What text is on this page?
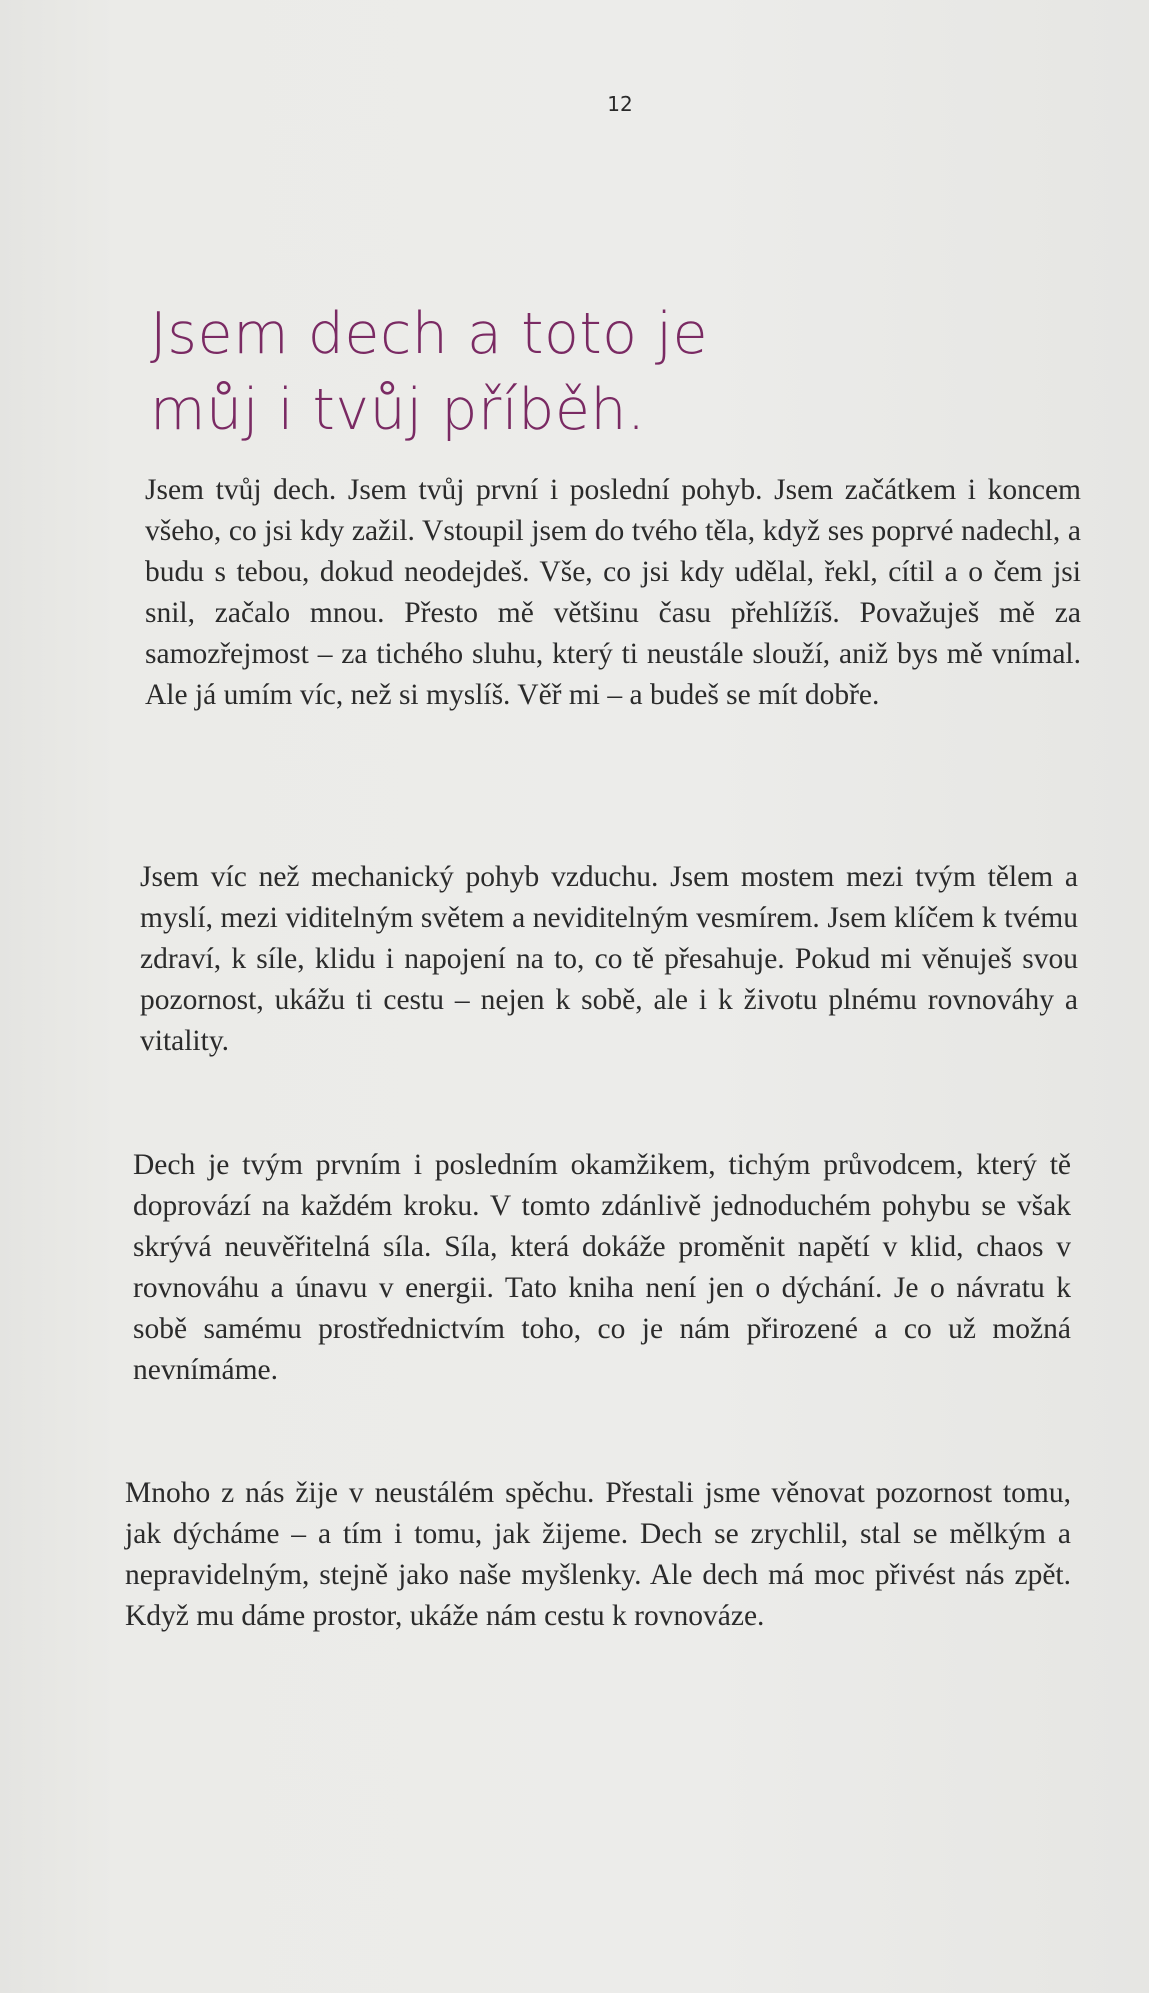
12
Jsem dech a toto je
můj i tvůj příběh.

Jsem tvůj dech. Jsem tvůj první i poslední pohyb. Jsem začátkem i koncem všeho, co jsi kdy zažil. Vstoupil jsem do tvého těla, když ses poprvé nadechl, a budu s tebou, dokud neodejdeš. Vše, co jsi kdy udělal, řekl, cítil a o čem jsi snil, začalo mnou. Přesto mě většinu času přehlížíš. Považuješ mě za samozřejmost – za tichého sluhu, který ti neustále slouží, aniž bys mě vnímal. Ale já umím víc, než si myslíš. Věř mi – a budeš se mít dobře.

Jsem víc než mechanický pohyb vzduchu. Jsem mostem mezi tvým tělem a myslí, mezi viditelným světem a neviditelným vesmírem. Jsem klíčem k tvému zdraví, k síle, klidu i napojení na to, co tě přesahuje. Pokud mi věnuješ svou pozornost, ukážu ti cestu – nejen k sobě, ale i k životu plnému rovnováhy a vitality.

Dech je tvým prvním i posledním okamžikem, tichým průvodcem, který tě doprovází na každém kroku. V tomto zdánlivě jednoduchém pohybu se však skrývá neuvěřitelná síla. Síla, která dokáže proměnit napětí v klid, chaos v rovnováhu a únavu v energii. Tato kniha není jen o dýchání. Je o návratu k sobě samému prostřednictvím toho, co je nám přirozené a co už možná nevnímáme.

Mnoho z nás žije v neustálém spěchu. Přestali jsme věnovat pozornost tomu, jak dýcháme – a tím i tomu, jak žijeme. Dech se zrychlil, stal se mělkým a nepravidelným, stejně jako naše myšlenky. Ale dech má moc přivést nás zpět. Když mu dáme prostor, ukáže nám cestu k rovnováze.
